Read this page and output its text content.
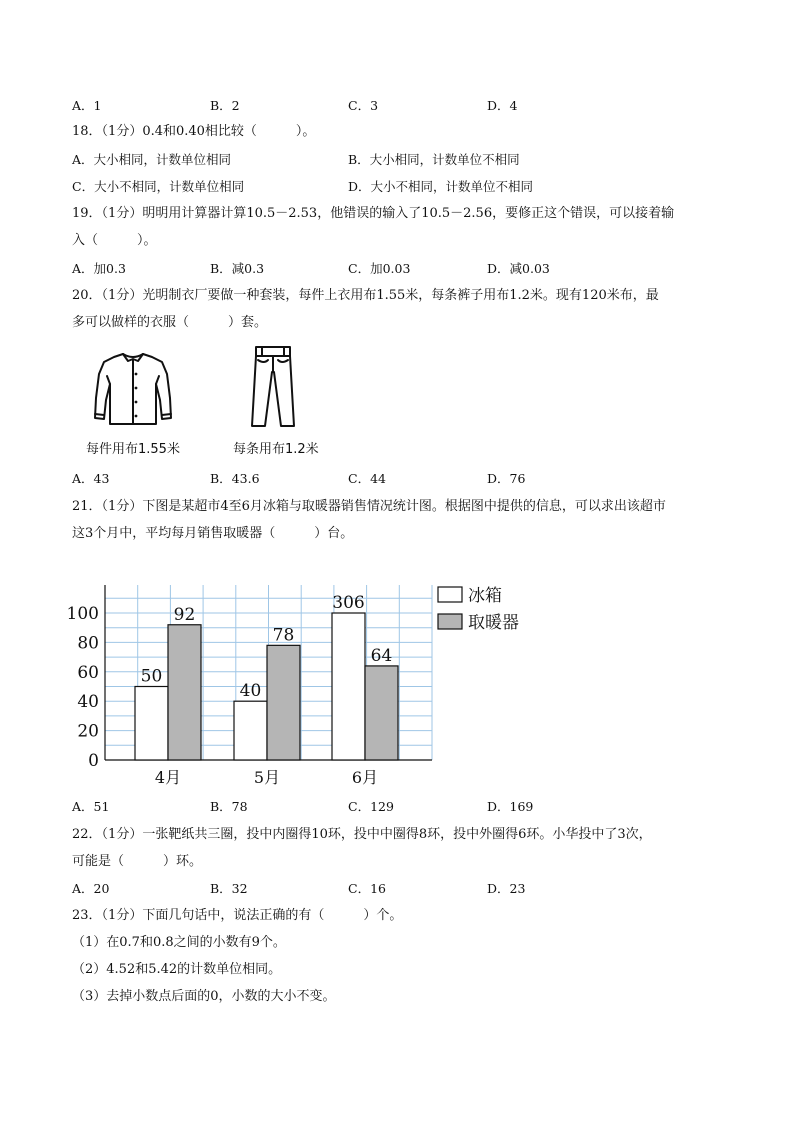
A．1	B．2	C．3	D．4
18．（1分）0.4和0.40相比较（　　　）。
A．大小相同，计数单位相同	B．大小相同，计数单位不相同
C．大小不相同，计数单位相同	D．大小不相同，计数单位不相同
19．（1分）明明用计算器计算10.5－2.53，他错误的输入了10.5－2.56，要修正这个错误，可以接着输
入（　　　）。
A．加0.3	B．减0.3	C．加0.03	D．减0.03
20．（1分）光明制衣厂要做一种套装，每件上衣用布1.55米，每条裤子用布1.2米。现有120米布，最
多可以做样的衣服（　　　）套。
每件用布1.55米	每条用布1.2米
A．43	B．43.6	C．44	D．76
21．（1分）下图是某超市4至6月冰箱与取暖器销售情况统计图。根据图中提供的信息，可以求出该超市
这3个月中，平均每月销售取暖器（　　　）台。
0
20
40
60
80
100
50
92
4月
40
78
5月
306
64
6月
冰箱
取暖器
A．51	B．78	C．129	D．169
22．（1分）一张靶纸共三圈，投中内圈得10环，投中中圈得8环，投中外圈得6环。小华投中了3次，
可能是（　　　）环。
A．20	B．32	C．16	D．23
23．（1分）下面几句话中，说法正确的有（　　　）个。
（1）在0.7和0.8之间的小数有9个。
（2）4.52和5.42的计数单位相同。
（3）去掉小数点后面的0，小数的大小不变。
